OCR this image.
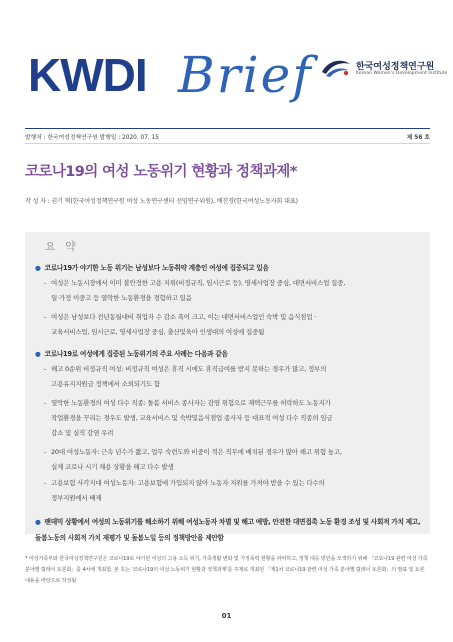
KWDI Brief	한국여성정책연구원
Korean Women's Development Institute
발행처 : 한국여성정책연구원 발행일 : 2020. 07. 15	제 56 호
코로나19의 여성 노동위기 현황과 정책과제*
작 성 자 : 권기 혁(한국여성정책연구원 여성 노동연구센터 선임연구위원), 배진경(한국여성노동자회 대표)
요 약
● 코로나19가 야기한 노동 위기는 남성보다 노동취약 계층인 여성에 집중되고 있음
- 여성은 노동시장에서 이미 불안정한 고용 지위(비정규직, 임시근로 등), 영세사업장 중심, 대면서비스업 집중,
일·가정 이중고 등 열악한 노동환경을 경험하고 있음
- 여성은 남성보다 전년동월대비 취업자 수 감소 폭이 크고, 이는 대면서비스업인 숙박 및 음식점업 ·
교육서비스업, 임시근로, 영세사업장 중심, 출산및육아 인생대의 여성에 집중됨
● 코로나19로 여성에게 집중된 노동위기의 주요 사례는 다음과 같음
- 해고 0순위 비정규직 여성: 비정규직 여성은 휴직 시에도 휴직급여를 받지 못하는 경우가 많고, 정부의
고용유지지원금 정책에서 소외되기도 함
- 열악한 노동환경의 여성 다수 직종: 돌봄 서비스 종사자는 감염 위험으로 재택근무를 허락하도 노동지가
작업환경을 꾸리는 경우도 발생, 교육서비스 및 숙박및음식점업 종사자 등 대표적 여성 다수 직종의 임금
감소 및 실직 감염 우려
- 20대 여성노동자: 근속 년수가 짧고, 업무 숙련도와 비중이 적은 직무에 배치된 경우가 많아 해고 위험 높고,
실제 코로나 시기 채용 상황을 해고 다수 발생
- 고용보험 사각지대 여성노동자: 고용보험에 가입되지 않아 노동자 지위를 가져야 받을 수 있는 다수의
정부지원에서 배제
● 팬데믹 상황에서 여성의 노동위기를 해소하기 위해 여성노동자 차별 및 해고 예방, 안전한 대면접촉 노동 환경 조성 및 사회적 가치 제고, 돌봄노동의 사회적 가치 재평가 및 돌봄노일 등의 정책방안을 제안함
* 여성가족부와 한국여성정책연구원은 코로나19로 야기된 여성의 고용 소득 위기, 가족생활 변화 및 가정폭력 현황을 파악하고, 정책 대응 방안을 모색하기 위해 「코로나19 관련 여성 가족 분야별 릴레이 토론회」를 4차에 개최함. 본 호는 '코로나19의 여성 노동위기 현황과 정책과제'를 주제로 개최된 「제1차 코로나19 관련 여성 가족 분야별 릴레이 토론회」의 발표 및 토론 내용을 바탕으로 작성됨
01
